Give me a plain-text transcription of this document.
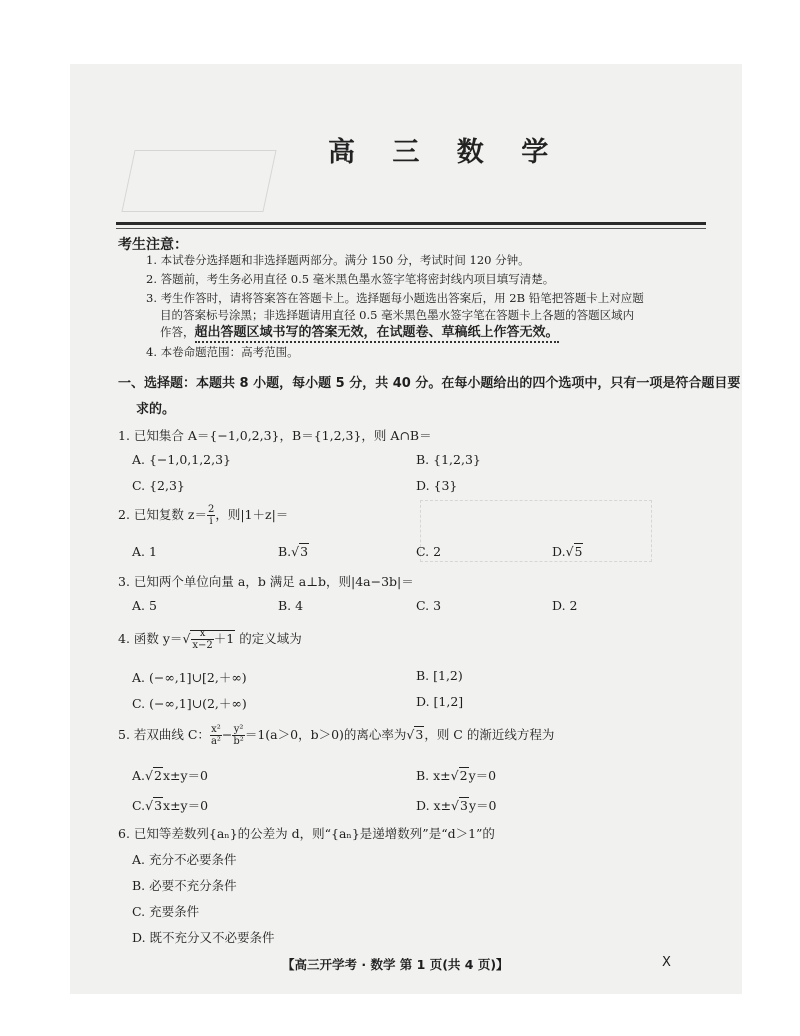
高 三 数 学
考生注意：
1. 本试卷分选择题和非选择题两部分。满分 150 分，考试时间 120 分钟。
2. 答题前，考生务必用直径 0.5 毫米黑色墨水签字笔将密封线内项目填写清楚。
3. 考生作答时，请将答案答在答题卡上。选择题每小题选出答案后，用 2B 铅笔把答题卡上对应题
目的答案标号涂黑；非选择题请用直径 0.5 毫米黑色墨水签字笔在答题卡上各题的答题区域内
作答，超出答题区域书写的答案无效，在试题卷、草稿纸上作答无效。
4. 本卷命题范围：高考范围。
一、选择题：本题共 8 小题，每小题 5 分，共 40 分。在每小题给出的四个选项中，只有一项是符合题目要
求的。
1. 已知集合 A＝{−1,0,2,3}，B＝{1,2,3}，则 A∩B＝
A. {−1,0,1,2,3}	B. {1,2,3}
C. {2,3}	D. {3}
2. 已知复数 $z= \frac{2}{i}$ ，则|1＋z|＝
A. 1	B.√3	C. 2	D.√5
3. 已知两个单位向量 a，b 满足 a⊥b，则|4a−3b|＝
A. 5	B. 4	C. 3	D. 2
4. 函数 $y=√ \frac{x}{x-2} +1$ 的定义域为
A. (−∞,1]∪[2,＋∞)	B. [1,2)
C. (−∞,1]∪(2,＋∞)	D. [1,2]
5. 若双曲线 C： $\frac{\text{x²}}{\text{a²}} - \frac{\text{y²}}{\text{b²}} =1(a>0$，b＞0)的离心率为√3，则 C 的渐近线方程为
A.√2x±y＝0	B. x±√2y＝0
C.√3x±y＝0	D. x±√3y＝0
6. 已知等差数列{aₙ}的公差为 d，则“{aₙ}是递增数列”是“d＞1”的
A. 充分不必要条件
B. 必要不充分条件
C. 充要条件
D. 既不充分又不必要条件
【高三开学考 · 数学 第 1 页(共 4 页)】	X
